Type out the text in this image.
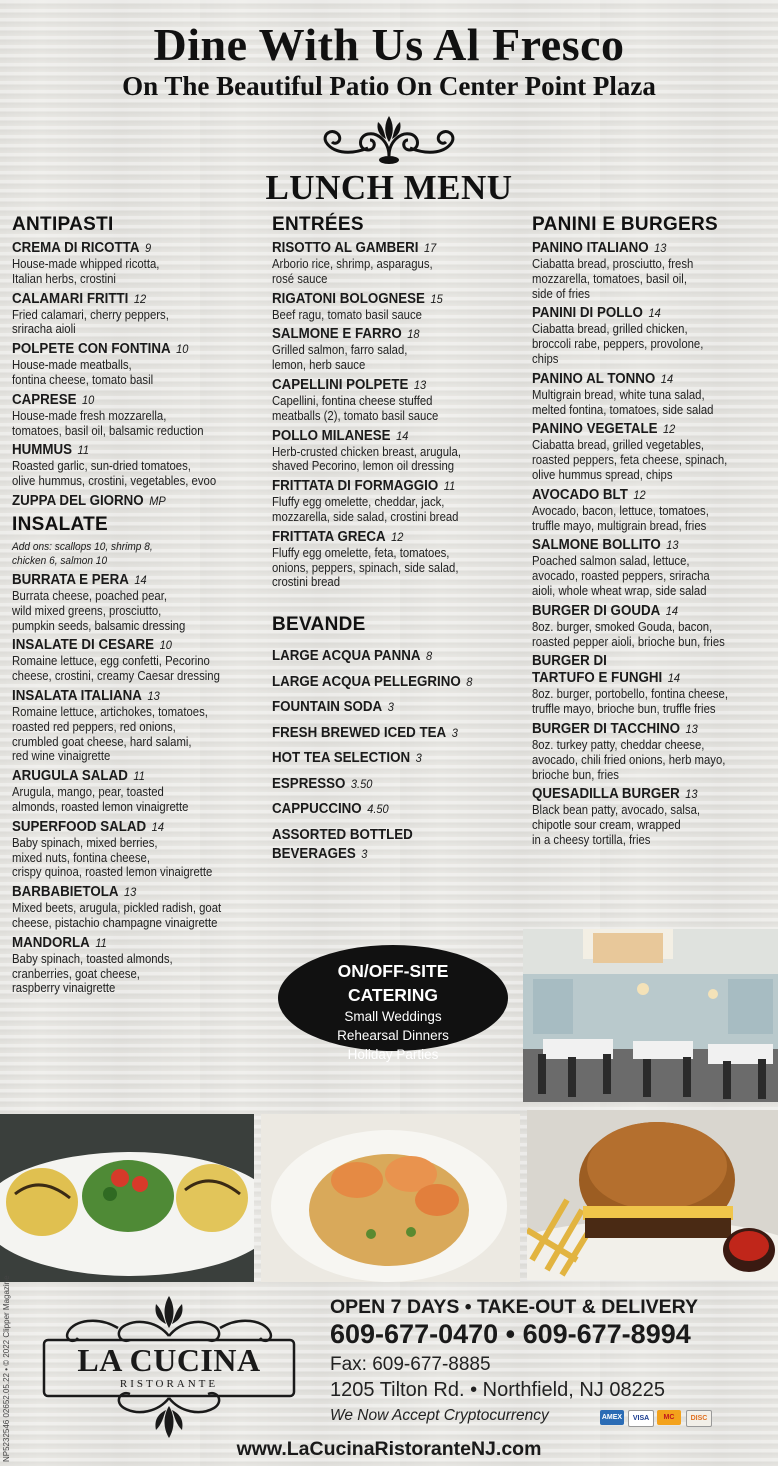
Dine With Us Al Fresco
On The Beautiful Patio On Center Point Plaza
LUNCH MENU
ANTIPASTI
CREMA DI RICOTTA 9
House-made whipped ricotta,
Italian herbs, crostini
CALAMARI FRITTI 12
Fried calamari, cherry peppers,
sriracha aioli
POLPETE CON FONTINA 10
House-made meatballs,
fontina cheese, tomato basil
CAPRESE 10
House-made fresh mozzarella,
tomatoes, basil oil, balsamic reduction
HUMMUS 11
Roasted garlic, sun-dried tomatoes,
olive hummus, crostini, vegetables, evoo
ZUPPA DEL GIORNO MP
INSALATE
Add ons: scallops 10, shrimp 8,
chicken 6, salmon 10
BURRATA E PERA 14
Burrata cheese, poached pear,
wild mixed greens, prosciutto,
pumpkin seeds, balsamic dressing
INSALATE DI CESARE 10
Romaine lettuce, egg confetti, Pecorino
cheese, crostini, creamy Caesar dressing
INSALATA ITALIANA 13
Romaine lettuce, artichokes, tomatoes,
roasted red peppers, red onions,
crumbled goat cheese, hard salami,
red wine vinaigrette
ARUGULA SALAD 11
Arugula, mango, pear, toasted
almonds, roasted lemon vinaigrette
SUPERFOOD SALAD 14
Baby spinach, mixed berries,
mixed nuts, fontina cheese,
crispy quinoa, roasted lemon vinaigrette
BARBABIETOLA 13
Mixed beets, arugula, pickled radish, goat
cheese, pistachio champagne vinaigrette
MANDORLA 11
Baby spinach, toasted almonds,
cranberries, goat cheese,
raspberry vinaigrette
ENTRÉES
RISOTTO AL GAMBERI 17
Arborio rice, shrimp, asparagus,
rosé sauce
RIGATONI BOLOGNESE 15
Beef ragu, tomato basil sauce
SALMONE E FARRO 18
Grilled salmon, farro salad,
lemon, herb sauce
CAPELLINI POLPETE 13
Capellini, fontina cheese stuffed
meatballs (2), tomato basil sauce
POLLO MILANESE 14
Herb-crusted chicken breast, arugula,
shaved Pecorino, lemon oil dressing
FRITTATA DI FORMAGGIO 11
Fluffy egg omelette, cheddar, jack,
mozzarella, side salad, crostini bread
FRITTATA GRECA 12
Fluffy egg omelette, feta, tomatoes,
onions, peppers, spinach, side salad,
crostini bread
BEVANDE
LARGE ACQUA PANNA 8
LARGE ACQUA PELLEGRINO 8
FOUNTAIN SODA 3
FRESH BREWED ICED TEA 3
HOT TEA SELECTION 3
ESPRESSO 3.50
CAPPUCCINO 4.50
ASSORTED BOTTLED
BEVERAGES 3
PANINI E BURGERS
PANINO ITALIANO 13
Ciabatta bread, prosciutto, fresh
mozzarella, tomatoes, basil oil,
side of fries
PANINI DI POLLO 14
Ciabatta bread, grilled chicken,
broccoli rabe, peppers, provolone,
chips
PANINO AL TONNO 14
Multigrain bread, white tuna salad,
melted fontina, tomatoes, side salad
PANINO VEGETALE 12
Ciabatta bread, grilled vegetables,
roasted peppers, feta cheese, spinach,
olive hummus spread, chips
AVOCADO BLT 12
Avocado, bacon, lettuce, tomatoes,
truffle mayo, multigrain bread, fries
SALMONE BOLLITO 13
Poached salmon salad, lettuce,
avocado, roasted peppers, sriracha
aioli, whole wheat wrap, side salad
BURGER DI GOUDA 14
8oz. burger, smoked Gouda, bacon,
roasted pepper aioli, brioche bun, fries
BURGER DI
TARTUFO E FUNGHI 14
8oz. burger, portobello, fontina cheese,
truffle mayo, brioche bun, truffle fries
BURGER DI TACCHINO 13
8oz. turkey patty, cheddar cheese,
avocado, chili fried onions, herb mayo,
brioche bun, fries
QUESADILLA BURGER 13
Black bean patty, avocado, salsa,
chipotle sour cream, wrapped
in a cheesy tortilla, fries
ON/OFF-SITE
CATERING
Small Weddings
Rehearsal Dinners
Holiday Parties
LA CUCINA
RISTORANTE
NP5232546 02652.05.22 • © 2022 Clipper Magazine	OPEN 7 DAYS • TAKE-OUT & DELIVERY
609-677-0470 • 609-677-8994
Fax: 609-677-8885
1205 Tilton Rd. • Northfield, NJ 08225
We Now Accept Cryptocurrency	AMEX	VISA	MC	DISC
www.LaCucinaRistoranteNJ.com
